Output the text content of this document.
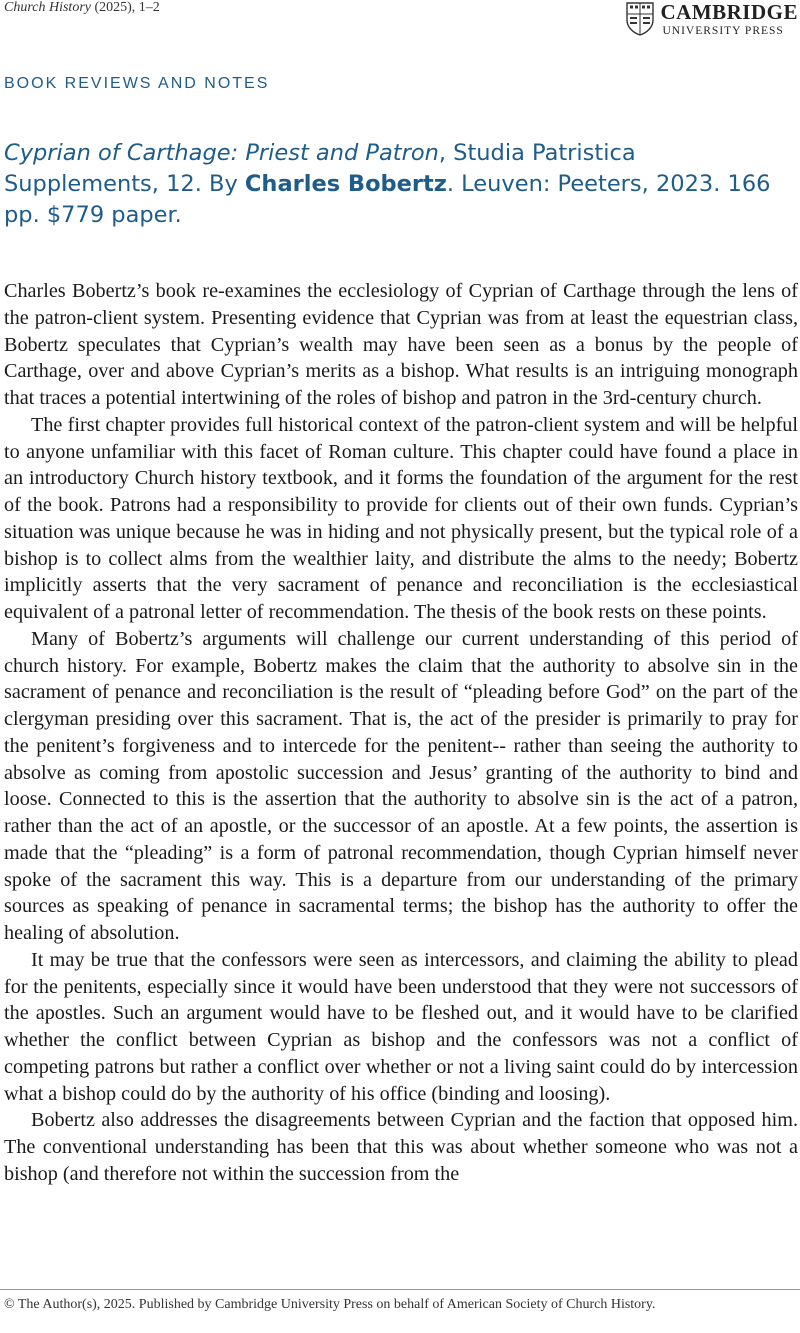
Church History (2025), 1–2	CAMBRIDGE
UNIVERSITY PRESS
BOOK REVIEWS AND NOTES
Cyprian of Carthage: Priest and Patron, Studia Patristica Supplements, 12. By Charles Bobertz. Leuven: Peeters, 2023. 166 pp. $779 paper.

Charles Bobertz’s book re-examines the ecclesiology of Cyprian of Carthage through the lens of the patron-client system. Presenting evidence that Cyprian was from at least the equestrian class, Bobertz speculates that Cyprian’s wealth may have been seen as a bonus by the people of Carthage, over and above Cyprian’s merits as a bishop. What results is an intriguing monograph that traces a potential intertwining of the roles of bishop and patron in the 3rd-century church.

The first chapter provides full historical context of the patron-client system and will be helpful to anyone unfamiliar with this facet of Roman culture. This chapter could have found a place in an introductory Church history textbook, and it forms the foundation of the argument for the rest of the book. Patrons had a responsibility to provide for clients out of their own funds. Cyprian’s situation was unique because he was in hiding and not physically present, but the typical role of a bishop is to collect alms from the wealthier laity, and distribute the alms to the needy; Bobertz implicitly asserts that the very sacrament of penance and reconciliation is the ecclesiastical equivalent of a patronal letter of recommendation. The thesis of the book rests on these points.

Many of Bobertz’s arguments will challenge our current understanding of this period of church history. For example, Bobertz makes the claim that the authority to absolve sin in the sacrament of penance and reconciliation is the result of “pleading before God” on the part of the clergyman presiding over this sacrament. That is, the act of the presider is primarily to pray for the penitent’s forgiveness and to intercede for the penitent-- rather than seeing the authority to absolve as coming from apostolic succession and Jesus’ granting of the authority to bind and loose. Connected to this is the assertion that the authority to absolve sin is the act of a patron, rather than the act of an apostle, or the successor of an apostle. At a few points, the assertion is made that the “pleading” is a form of patronal recommendation, though Cyprian himself never spoke of the sacrament this way. This is a departure from our understanding of the primary sources as speaking of penance in sacramental terms; the bishop has the authority to offer the healing of absolution.

It may be true that the confessors were seen as intercessors, and claiming the ability to plead for the penitents, especially since it would have been understood that they were not successors of the apostles. Such an argument would have to be fleshed out, and it would have to be clarified whether the conflict between Cyprian as bishop and the confessors was not a conflict of competing patrons but rather a conflict over whether or not a living saint could do by intercession what a bishop could do by the authority of his office (binding and loosing).

Bobertz also addresses the disagreements between Cyprian and the faction that opposed him. The conventional understanding has been that this was about whether someone who was not a bishop (and therefore not within the succession from the

© The Author(s), 2025. Published by Cambridge University Press on behalf of American Society of Church History.
